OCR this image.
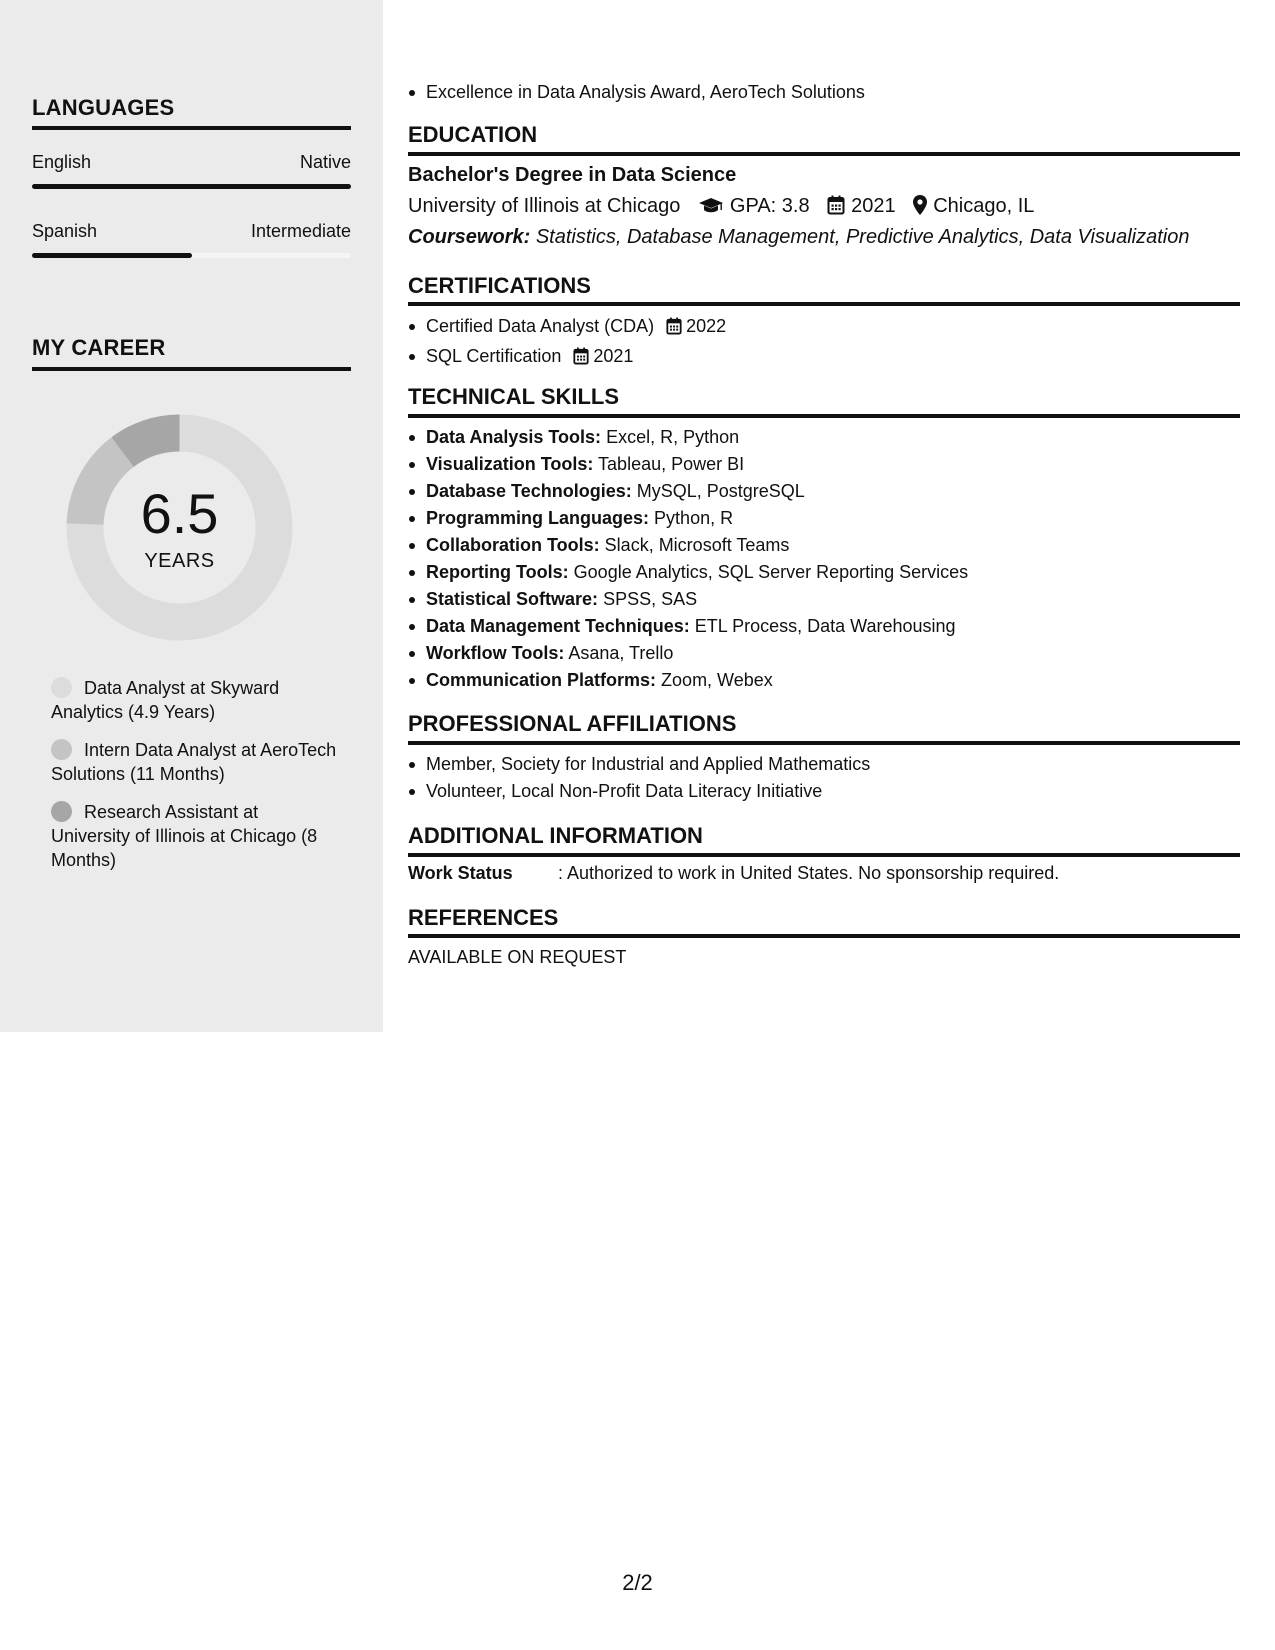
LANGUAGES
English	Native
Spanish	Intermediate
MY CAREER
6.5
YEARS
Data Analyst at Skyward Analytics (4.9 Years)
Intern Data Analyst at AeroTech Solutions (11 Months)
Research Assistant at University of Illinois at Chicago (8 Months)
Excellence in Data Analysis Award, AeroTech Solutions
EDUCATION
Bachelor's Degree in Data Science
University of Illinois at Chicago GPA: 3.8 2021 Chicago, IL
Coursework: Statistics, Database Management, Predictive Analytics, Data Visualization
CERTIFICATIONS
Certified Data Analyst (CDA) 2022
SQL Certification 2021
TECHNICAL SKILLS
Data Analysis Tools: Excel, R, Python
Visualization Tools: Tableau, Power BI
Database Technologies: MySQL, PostgreSQL
Programming Languages: Python, R
Collaboration Tools: Slack, Microsoft Teams
Reporting Tools: Google Analytics, SQL Server Reporting Services
Statistical Software: SPSS, SAS
Data Management Techniques: ETL Process, Data Warehousing
Workflow Tools: Asana, Trello
Communication Platforms: Zoom, Webex
PROFESSIONAL AFFILIATIONS
Member, Society for Industrial and Applied Mathematics
Volunteer, Local Non-Profit Data Literacy Initiative
ADDITIONAL INFORMATION
Work Status	: Authorized to work in United States. No sponsorship required.
REFERENCES
AVAILABLE ON REQUEST
2/2
